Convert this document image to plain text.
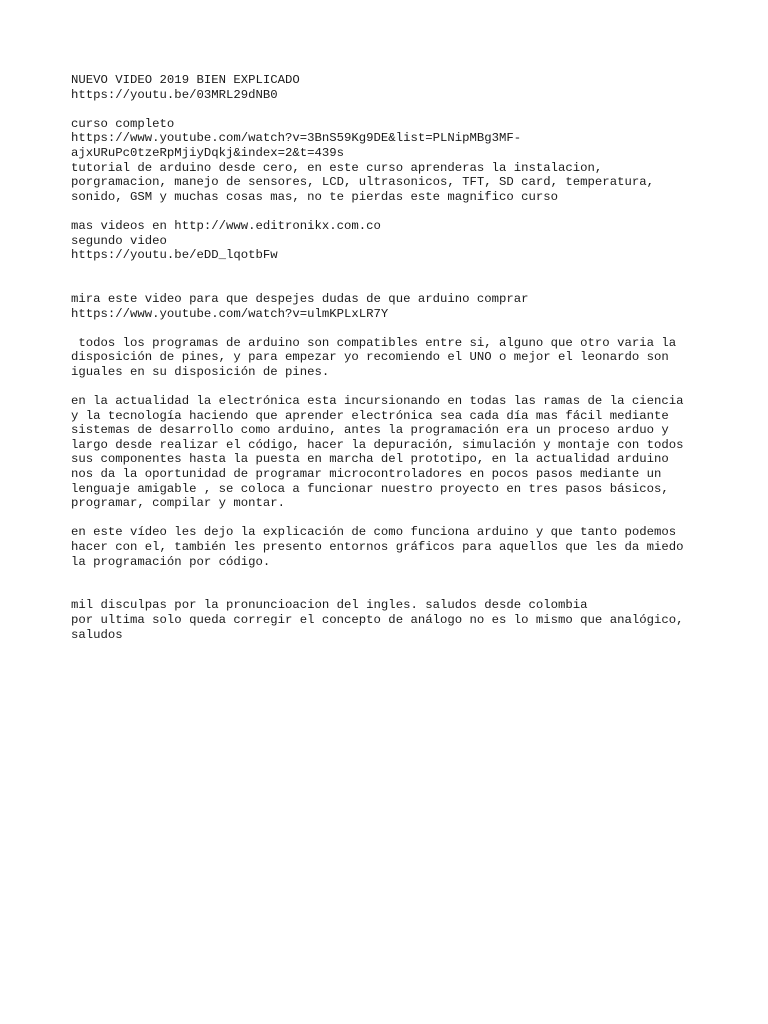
NUEVO VIDEO 2019 BIEN EXPLICADO
https://youtu.be/03MRL29dNB0
curso completo
https://www.youtube.com/watch?v=3BnS59Kg9DE&list=PLNipMBg3MF-
ajxURuPc0tzeRpMjiyDqkj&index=2&t=439s
tutorial de arduino desde cero, en este curso aprenderas la instalacion,
porgramacion, manejo de sensores, LCD, ultrasonicos, TFT, SD card, temperatura,
sonido, GSM y muchas cosas mas, no te pierdas este magnifico curso
mas videos en http://www.editronikx.com.co
segundo video
https://youtu.be/eDD_lqotbFw
mira este video para que despejes dudas de que arduino comprar
https://www.youtube.com/watch?v=ulmKPLxLR7Y
todos los programas de arduino son compatibles entre si, alguno que otro varia la
disposición de pines, y para empezar yo recomiendo el UNO o mejor el leonardo son
iguales en su disposición de pines.
en la actualidad la electrónica esta incursionando en todas las ramas de la ciencia
y la tecnología haciendo que aprender electrónica sea cada día mas fácil mediante
sistemas de desarrollo como arduino, antes la programación era un proceso arduo y
largo desde realizar el código, hacer la depuración, simulación y montaje con todos
sus componentes hasta la puesta en marcha del prototipo, en la actualidad arduino
nos da la oportunidad de programar microcontroladores en pocos pasos mediante un
lenguaje amigable , se coloca a funcionar nuestro proyecto en tres pasos básicos,
programar, compilar y montar.
en este vídeo les dejo la explicación de como funciona arduino y que tanto podemos
hacer con el, también les presento entornos gráficos para aquellos que les da miedo
la programación por código.
mil disculpas por la pronuncioacion del ingles. saludos desde colombia
por ultima solo queda corregir el concepto de análogo no es lo mismo que analógico,
saludos
